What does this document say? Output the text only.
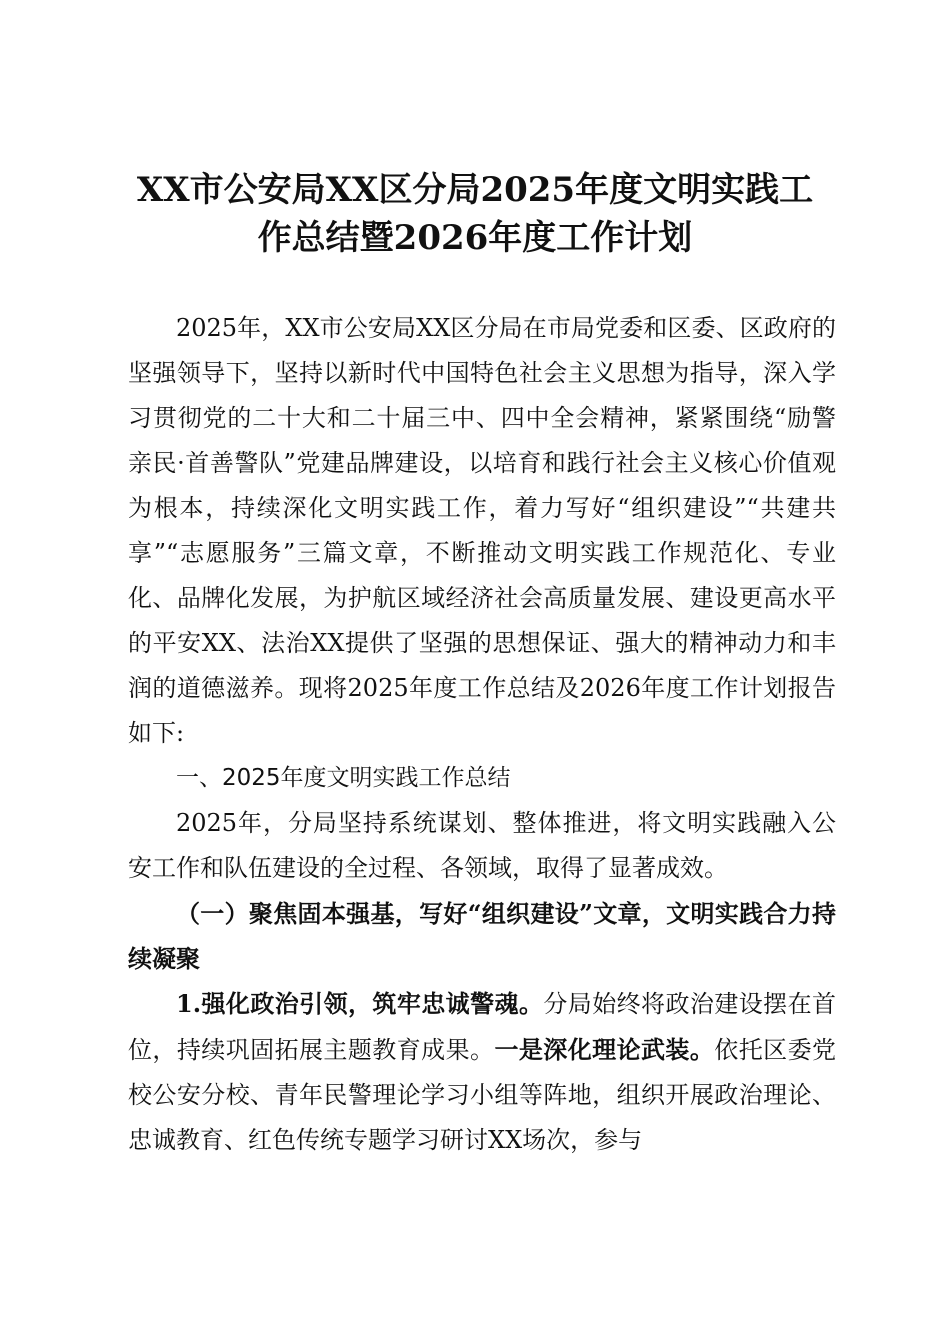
XX市公安局XX区分局2025年度文明实践工作总结暨2026年度工作计划

2025年，XX市公安局XX区分局在市局党委和区委、区政府的坚强领导下，坚持以新时代中国特色社会主义思想为指导，深入学习贯彻党的二十大和二十届三中、四中全会精神，紧紧围绕“励警亲民·首善警队”党建品牌建设，以培育和践行社会主义核心价值观为根本，持续深化文明实践工作，着力写好“组织建设”“共建共享”“志愿服务”三篇文章，不断推动文明实践工作规范化、专业化、品牌化发展，为护航区域经济社会高质量发展、建设更高水平的平安XX、法治XX提供了坚强的思想保证、强大的精神动力和丰润的道德滋养。现将2025年度工作总结及2026年度工作计划报告如下:

一、2025年度文明实践工作总结

2025年，分局坚持系统谋划、整体推进，将文明实践融入公安工作和队伍建设的全过程、各领域，取得了显著成效。

（一）聚焦固本强基，写好“组织建设”文章，文明实践合力持续凝聚

1.强化政治引领，筑牢忠诚警魂。分局始终将政治建设摆在首位，持续巩固拓展主题教育成果。一是深化理论武装。依托区委党校公安分校、青年民警理论学习小组等阵地，组织开展政治理论、忠诚教育、红色传统专题学习研讨XX场次，参与
